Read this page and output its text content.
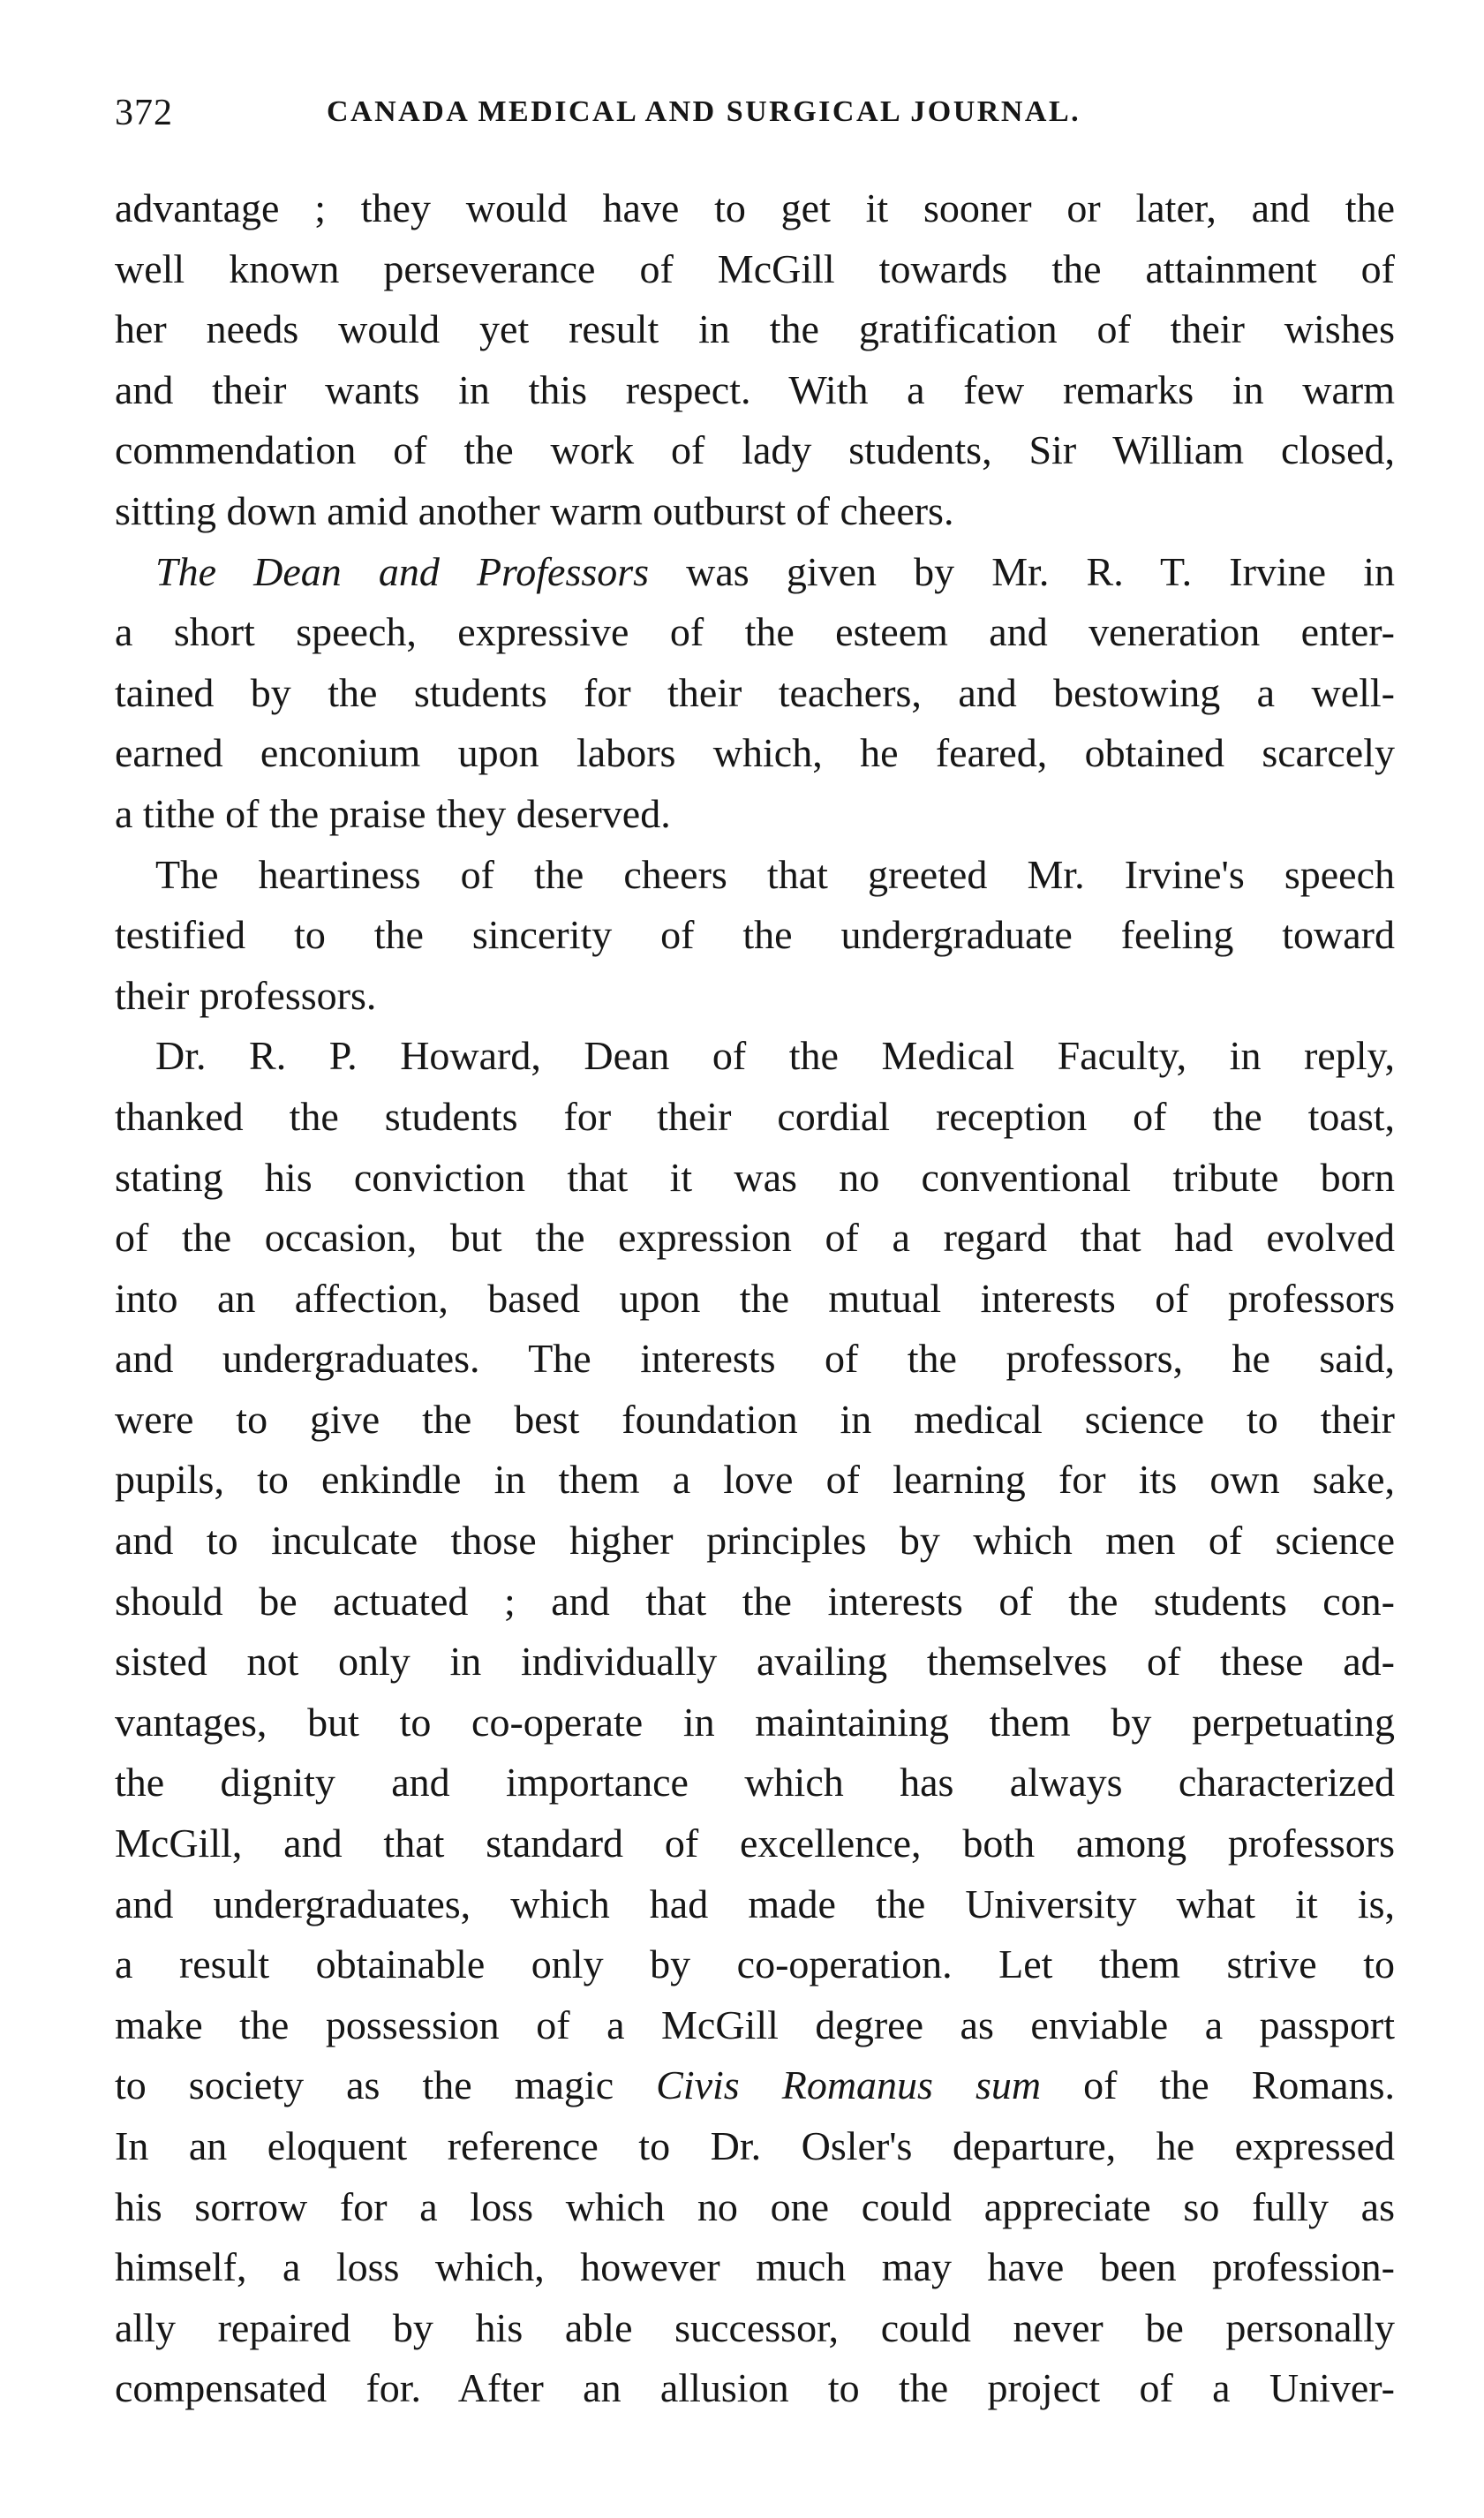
372	CANADA MEDICAL AND SURGICAL JOURNAL.
advantage ; they would have to get it sooner or later, and the
well known perseverance of McGill towards the attainment of
her needs would yet result in the gratification of their wishes
and their wants in this respect. With a few remarks in warm
commendation of the work of lady students, Sir William closed,
sitting down amid another warm outburst of cheers.
The Dean and Professors was given by Mr. R. T. Irvine in
a short speech, expressive of the esteem and veneration enter-
tained by the students for their teachers, and bestowing a well-
earned enconium upon labors which, he feared, obtained scarcely
a tithe of the praise they deserved.
The heartiness of the cheers that greeted Mr. Irvine's speech
testified to the sincerity of the undergraduate feeling toward
their professors.
Dr. R. P. Howard, Dean of the Medical Faculty, in reply,
thanked the students for their cordial reception of the toast,
stating his conviction that it was no conventional tribute born
of the occasion, but the expression of a regard that had evolved
into an affection, based upon the mutual interests of professors
and undergraduates. The interests of the professors, he said,
were to give the best foundation in medical science to their
pupils, to enkindle in them a love of learning for its own sake,
and to inculcate those higher principles by which men of science
should be actuated ; and that the interests of the students con-
sisted not only in individually availing themselves of these ad-
vantages, but to co-operate in maintaining them by perpetuating
the dignity and importance which has always characterized
McGill, and that standard of excellence, both among professors
and undergraduates, which had made the University what it is,
a result obtainable only by co-operation. Let them strive to
make the possession of a McGill degree as enviable a passport
to society as the magic Civis Romanus sum of the Romans.
In an eloquent reference to Dr. Osler's departure, he expressed
his sorrow for a loss which no one could appreciate so fully as
himself, a loss which, however much may have been profession-
ally repaired by his able successor, could never be personally
compensated for. After an allusion to the project of a Univer-
